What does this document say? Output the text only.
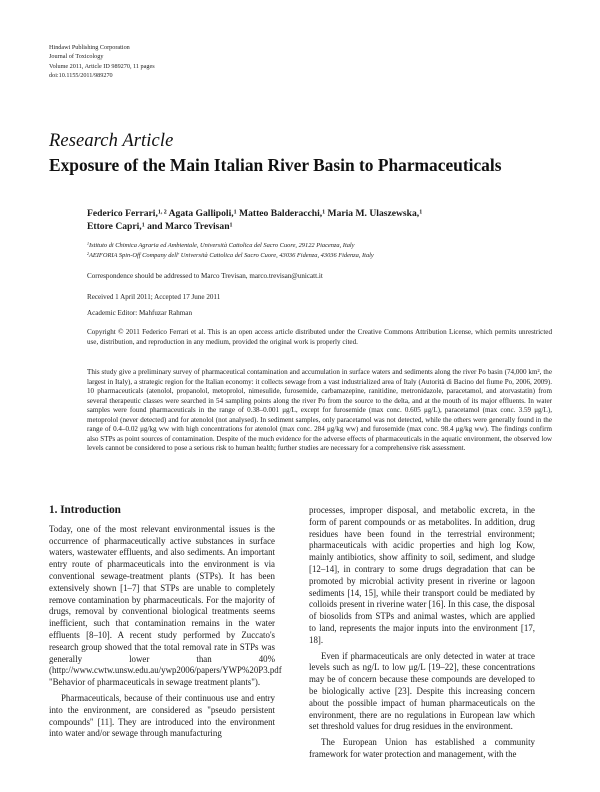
Hindawi Publishing Corporation
Journal of Toxicology
Volume 2011, Article ID 989270, 11 pages
doi:10.1155/2011/989270
Research Article
Exposure of the Main Italian River Basin to Pharmaceuticals
Federico Ferrari,$^{1, 2}$ Agata Gallipoli,$^1$ Matteo Balderacchi,$^1$ Maria M. Ulaszewska,$^1$
Ettore Capri,$^1$ and Marco Trevisan$^1$
$^1$Istituto di Chimica Agraria ed Ambientale, Università Cattolica del Sacro Cuore, 29122 Piacenza, Italy
$^2$AEIFORIA Spin-Off Company dell' Università Cattolica del Sacro Cuore, 43036 Fidenza, 43036 Fidenza, Italy
Correspondence should be addressed to Marco Trevisan, marco.trevisan@unicatt.it
Received 1 April 2011; Accepted 17 June 2011
Academic Editor: Mahfuzar Rahman
Copyright © 2011 Federico Ferrari et al. This is an open access article distributed under the Creative Commons Attribution License, which permits unrestricted use, distribution, and reproduction in any medium, provided the original work is properly cited.
This study give a preliminary survey of pharmaceutical contamination and accumulation in surface waters and sediments along the river Po basin (74,000 km², the largest in Italy), a strategic region for the Italian economy: it collects sewage from a vast industrialized area of Italy (Autorità di Bacino del fiume Po, 2006, 2009). 10 pharmaceuticals (atenolol, propanolol, metoprolol, nimesulide, furosemide, carbamazepine, ranitidine, metronidazole, paracetamol, and atorvastatin) from several therapeutic classes were searched in 54 sampling points along the river Po from the source to the delta, and at the mouth of its major effluents. In water samples were found pharmaceuticals in the range of 0.38–0.001 μg/L, except for furosemide (max conc. 0.605 μg/L), paracetamol (max conc. 3.59 μg/L), metoprolol (never detected) and for atenolol (not analysed). In sediment samples, only paracetamol was not detected, while the others were generally found in the range of 0.4–0.02 μg/kg ww with high concentrations for atenolol (max conc. 284 μg/kg ww) and furosemide (max conc. 98.4 μg/kg ww). The findings confirm also STPs as point sources of contamination. Despite of the much evidence for the adverse effects of pharmaceuticals in the aquatic environment, the observed low levels cannot be considered to pose a serious risk to human health; further studies are necessary for a comprehensive risk assessment.
1. Introduction

Today, one of the most relevant environmental issues is the occurrence of pharmaceutically active substances in surface waters, wastewater effluents, and also sediments. An important entry route of pharmaceuticals into the environment is via conventional sewage-treatment plants (STPs). It has been extensively shown [1–7] that STPs are unable to completely remove contamination by pharmaceuticals. For the majority of drugs, removal by conventional biological treatments seems inefficient, such that contamination remains in the water effluents [8–10]. A recent study performed by Zuccato's research group showed that the total removal rate in STPs was generally lower than 40% (http://www.cwtw.unsw.edu.au/ywp2006/papers/YWP%20P3.pdf "Behavior of pharmaceuticals in sewage treatment plants").

Pharmaceuticals, because of their continuous use and entry into the environment, are considered as "pseudo persistent compounds" [11]. They are introduced into the environment into water and/or sewage through manufacturing

processes, improper disposal, and metabolic excreta, in the form of parent compounds or as metabolites. In addition, drug residues have been found in the terrestrial environment; pharmaceuticals with acidic properties and high log Kow, mainly antibiotics, show affinity to soil, sediment, and sludge [12–14], in contrary to some drugs degradation that can be promoted by microbial activity present in riverine or lagoon sediments [14, 15], while their transport could be mediated by colloids present in riverine water [16]. In this case, the disposal of biosolids from STPs and animal wastes, which are applied to land, represents the major inputs into the environment [17, 18].

Even if pharmaceuticals are only detected in water at trace levels such as ng/L to low μg/L [19–22], these concentrations may be of concern because these compounds are developed to be biologically active [23]. Despite this increasing concern about the possible impact of human pharmaceuticals on the environment, there are no regulations in European law which set threshold values for drug residues in the environment.

The European Union has established a community framework for water protection and management, with the
